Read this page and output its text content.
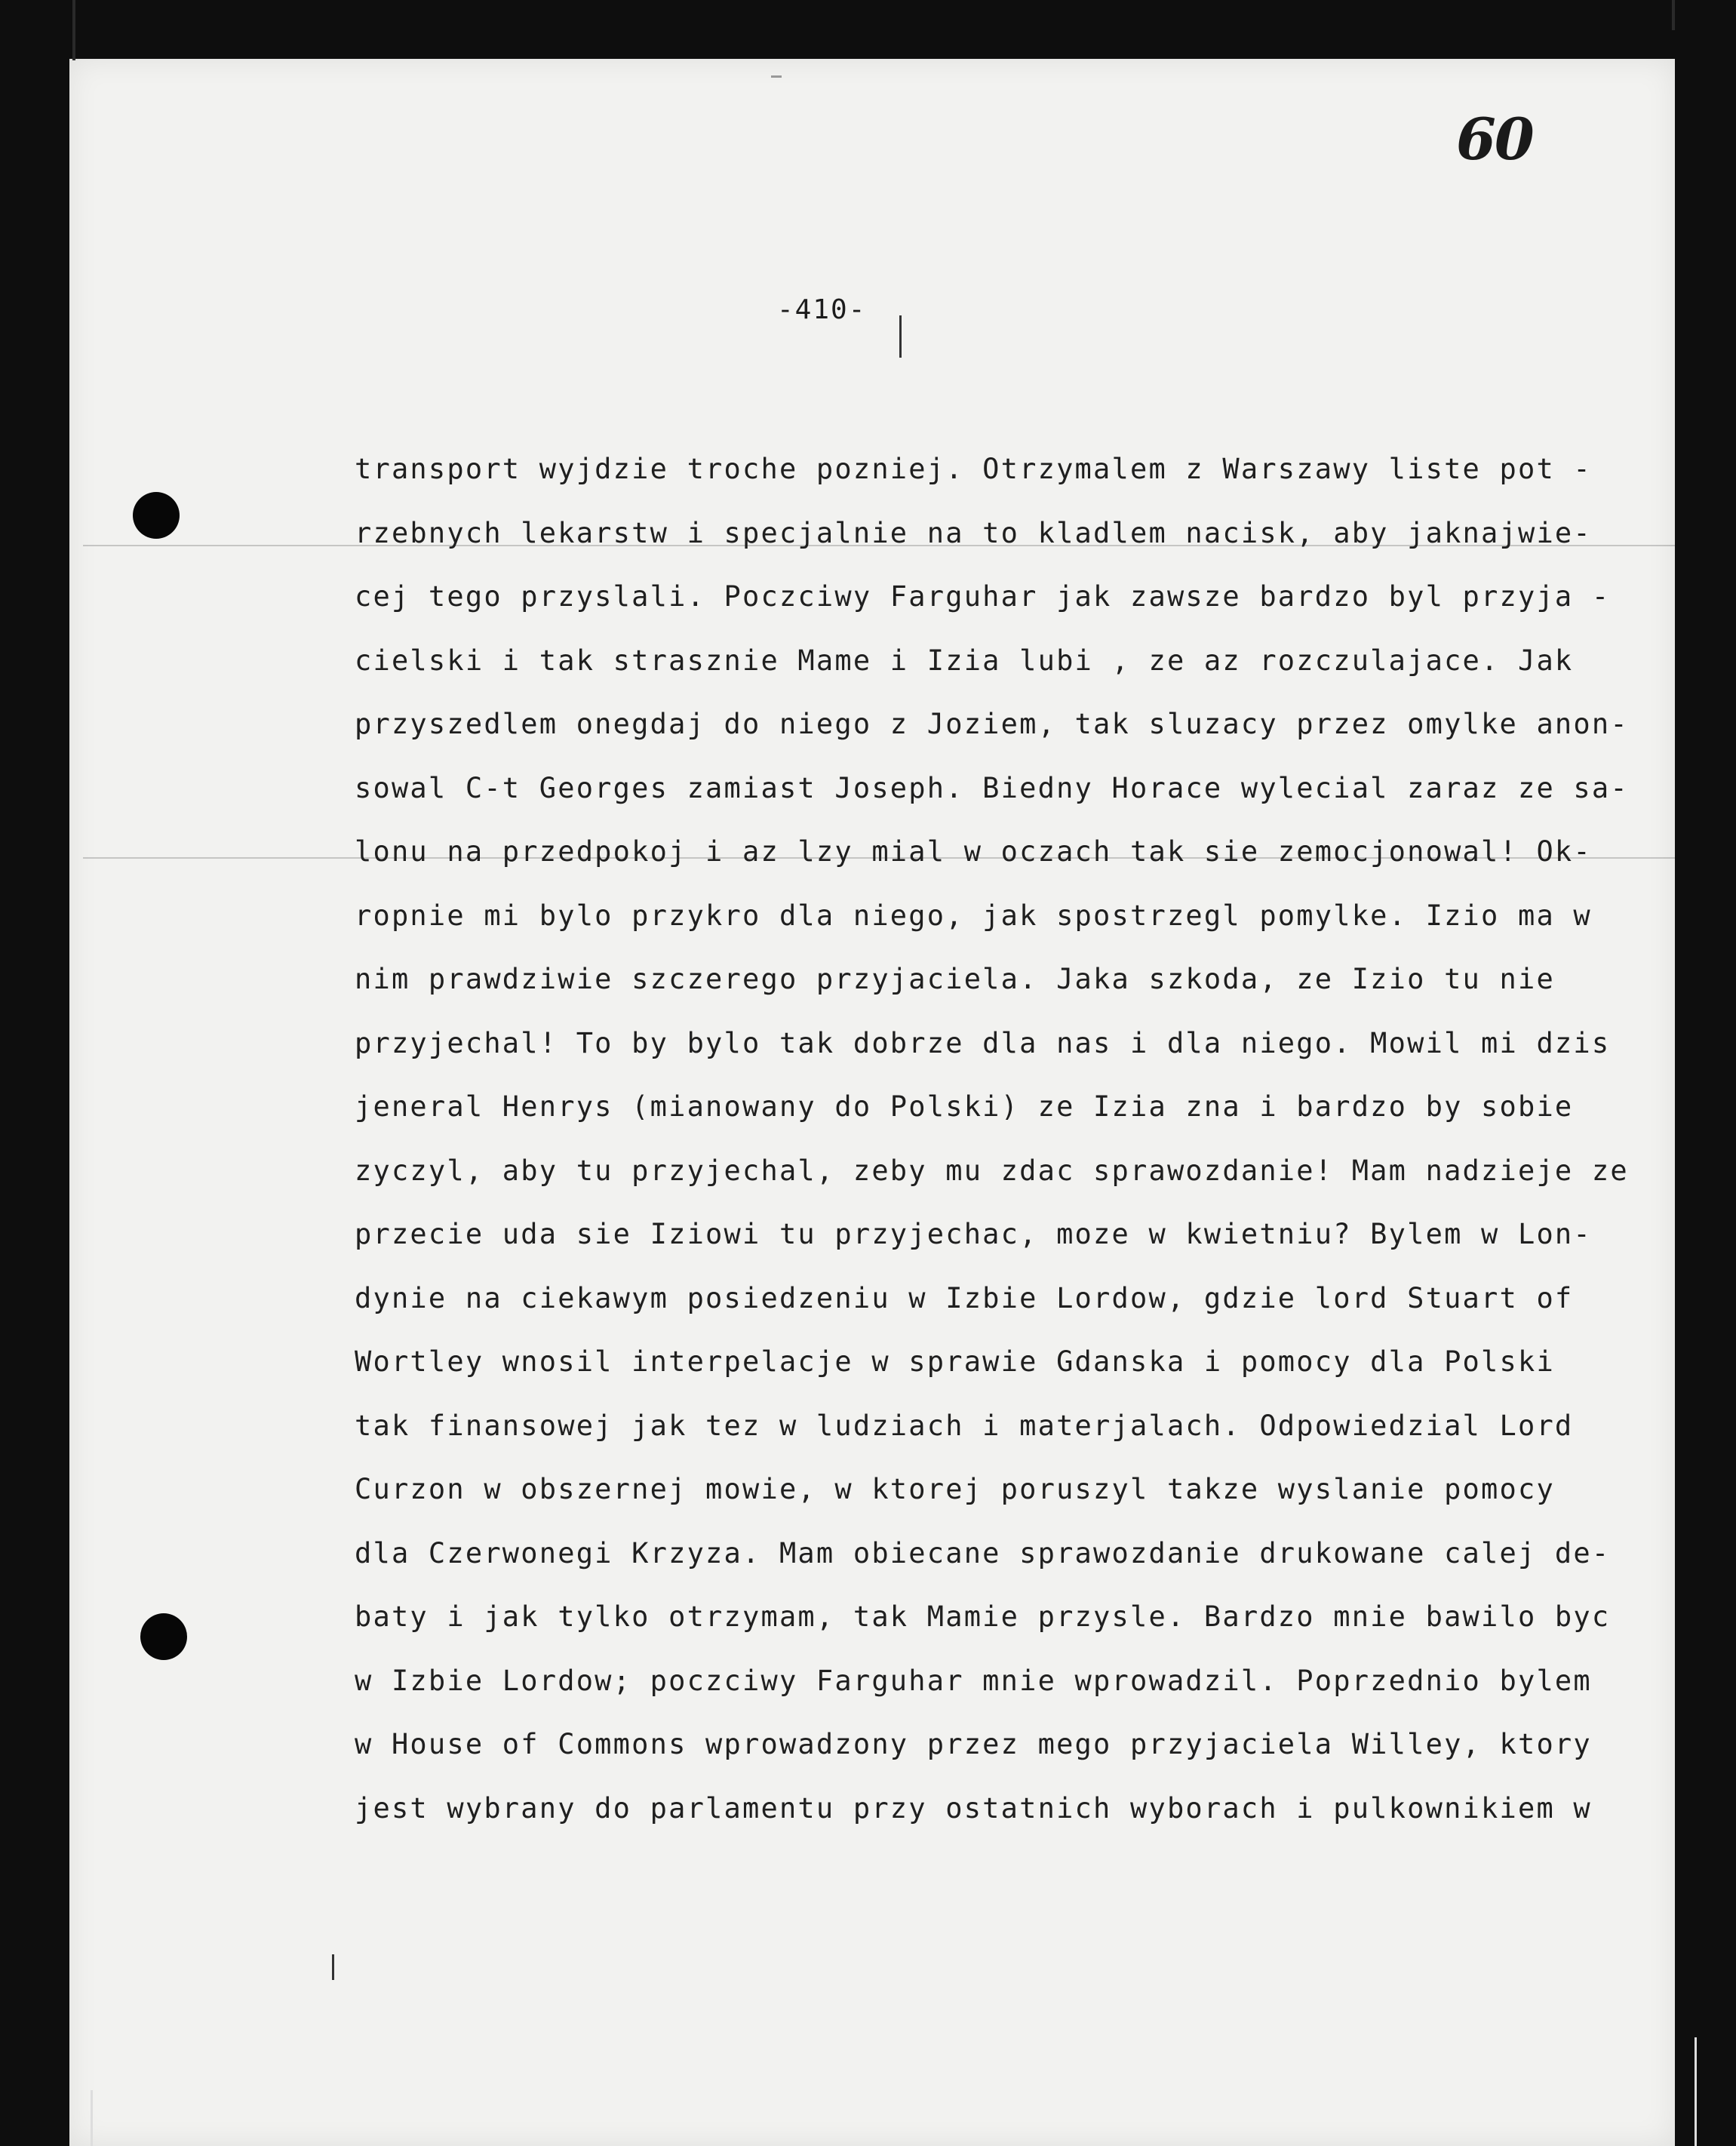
60
-410-
transport wyjdzie troche pozniej. Otrzymalem z Warszawy liste pot -
rzebnych lekarstw i specjalnie na to kladlem nacisk, aby jaknajwie-
cej tego przyslali. Poczciwy Farguhar jak zawsze bardzo byl przyja -
cielski i tak strasznie Mame i Izia lubi , ze az rozczulajace. Jak
przyszedlem onegdaj do niego z Joziem, tak sluzacy przez omylke anon-
sowal C-t Georges zamiast Joseph. Biedny Horace wylecial zaraz ze sa-
lonu na przedpokoj i az lzy mial w oczach tak sie zemocjonowal! Ok-
ropnie mi bylo przykro dla niego, jak spostrzegl pomylke. Izio ma w
nim prawdziwie szczerego przyjaciela. Jaka szkoda, ze Izio tu nie
przyjechal! To by bylo tak dobrze dla nas i dla niego. Mowil mi dzis
jeneral Henrys (mianowany do Polski) ze Izia zna i bardzo by sobie
zyczyl, aby tu przyjechal, zeby mu zdac sprawozdanie! Mam nadzieje ze
przecie uda sie Iziowi tu przyjechac, moze w kwietniu? Bylem w Lon-
dynie na ciekawym posiedzeniu w Izbie Lordow, gdzie lord Stuart of
Wortley wnosil interpelacje w sprawie Gdanska i pomocy dla Polski
tak finansowej jak tez w ludziach i materjalach. Odpowiedzial Lord
Curzon w obszernej mowie, w ktorej poruszyl takze wyslanie pomocy
dla Czerwonegi Krzyza. Mam obiecane sprawozdanie drukowane calej de-
baty i jak tylko otrzymam, tak Mamie przysle. Bardzo mnie bawilo byc
w Izbie Lordow; poczciwy Farguhar mnie wprowadzil. Poprzednio bylem
w House of Commons wprowadzony przez mego przyjaciela Willey, ktory
jest wybrany do parlamentu przy ostatnich wyborach i pulkownikiem w
